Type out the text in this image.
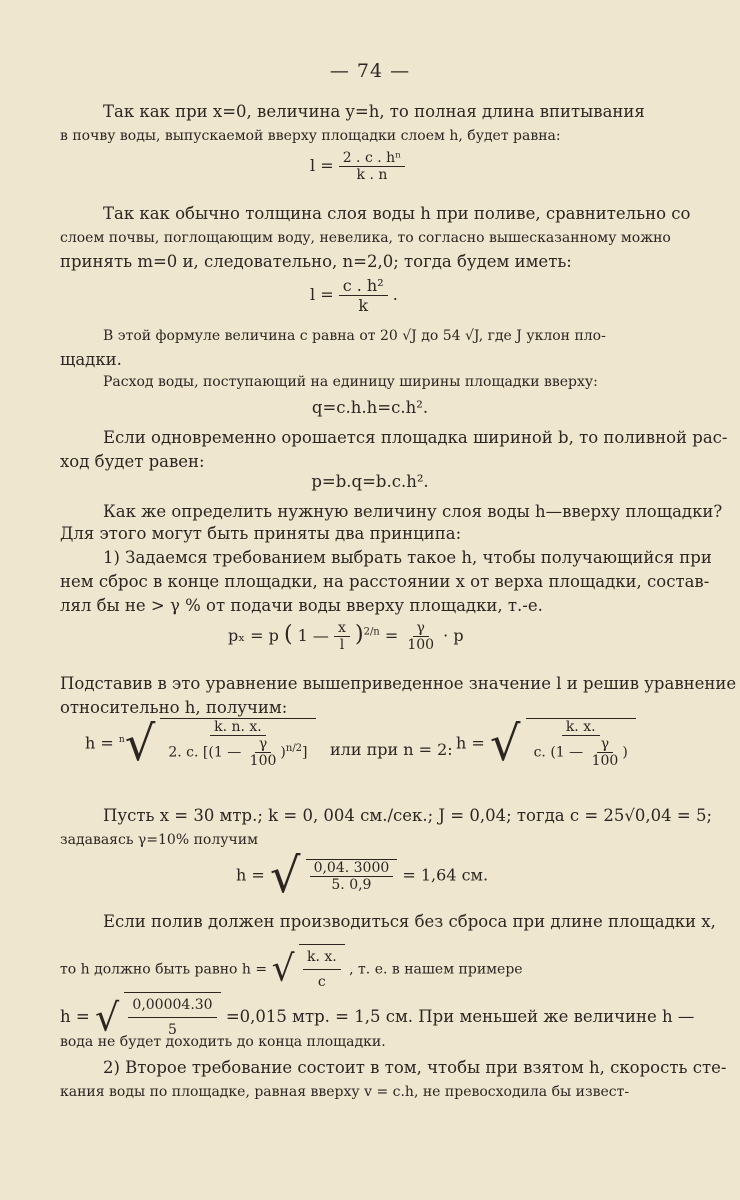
— 74 —
Так как при x=0, величина y=h, то полная длина впитывания
в почву воды, выпускаемой вверху площадки слоем h, будет равна:
$l = \frac{\text{2 . c . hⁿ}}{k . n}$
Так как обычно толщина слоя воды h при поливе, сравнительно со
слоем почвы, поглощающим воду, невелика, то согласно вышесказанному можно
принять m=0 и, следовательно, n=2,0; тогда будем иметь:
$l = \frac{\text{c . h²}}{k}$ .
В этой формуле величина c равна от 20 √J до 54 √J, где J уклон пло-
щадки.
Расход воды, поступающий на единицу ширины площадки вверху:
q=c.h.h=c.h².
Если одновременно орошается площадка шириной b, то поливной рас-
ход будет равен:
p=b.q=b.c.h².
Как же определить нужную величину слоя воды h—вверху площадки?
Для этого могут быть приняты два принципа:
1) Задаемся требованием выбрать такое h, чтобы получающийся при
нем сброс в конце площадки, на расстоянии x от верха площадки, состав-
лял бы не > γ % от подачи воды вверху площадки, т.-е.
pₓ = p ( 1 — $\frac{x}{l} )^{2/n} = \frac{\gamma}{100} \cdot p$
Подставив в это уравнение вышеприведенное значение l и решив уравнение
относительно h, получим:
h = $^n$√	k. n. x.
2. c. [(1 — $\frac{\gamma}{100} )^{n/2}$] или при n = 2: h = √	k. x.
c. (1 — $\frac{\gamma}{100}$ )
Пусть x = 30 мтр.; k = 0, 004 см./сек.; J = 0,04; тогда c = 25√0,04 = 5;
задаваясь γ=10% получим
h = √ $\frac{0,04. 3000}{5. 0,9} = 1,64$ см.
Если полив должен производиться без сброса при длине площадки x,
то h должно быть равно h = √ $\frac{k. x.}{c}$ , т. е. в нашем примере
h = √ $\frac{0,00004.30}{5} =0,015$ мтр. = 1,5 см. При меньшей же величине h —
вода не будет доходить до конца площадки.
2) Второе требование состоит в том, чтобы при взятом h, скорость сте-
кания воды по площадке, равная вверху v = c.h, не превосходила бы извест-
